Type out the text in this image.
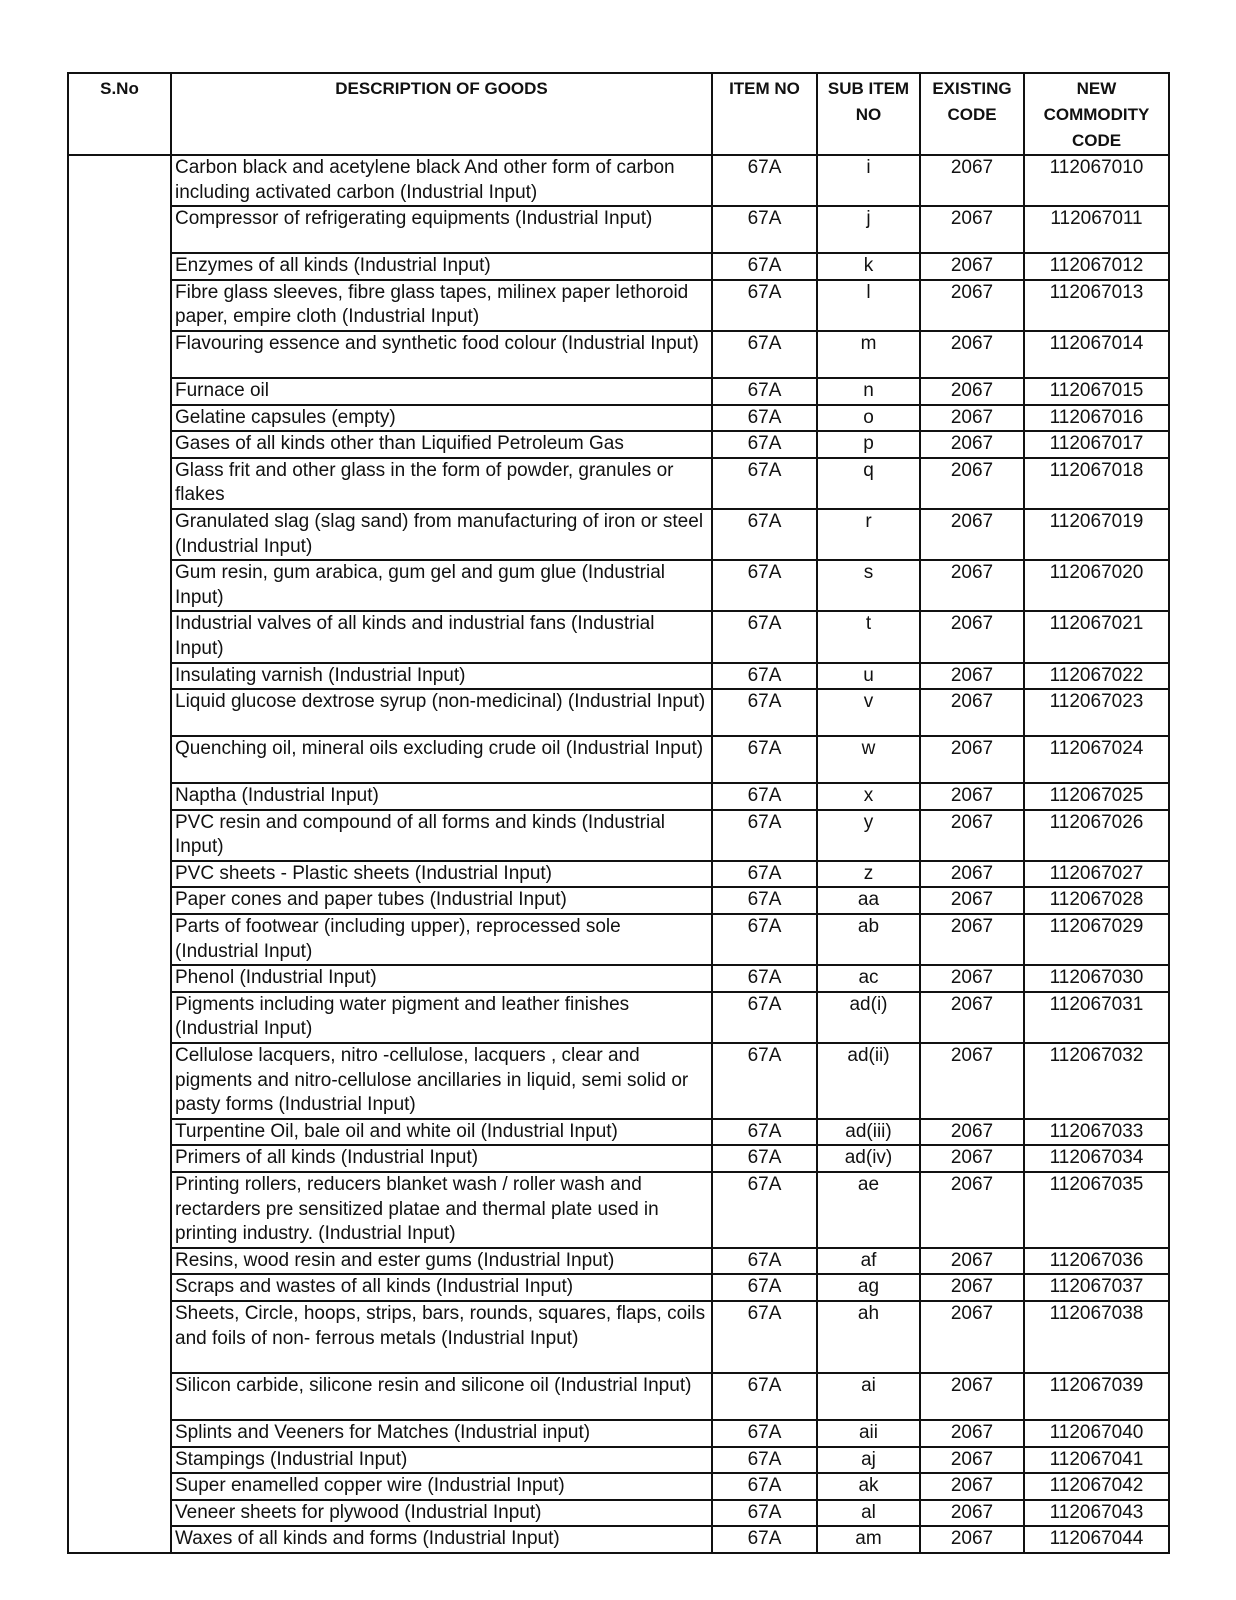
S.No	DESCRIPTION OF GOODS	ITEM NO	SUB ITEM NO	EXISTING CODE	NEW COMMODITY CODE
	Carbon black and acetylene black And other form of carbon including activated carbon (Industrial Input)	67A	i	2067	112067010
	Compressor of refrigerating equipments (Industrial Input)	67A	j	2067	112067011
	Enzymes of all kinds (Industrial Input)	67A	k	2067	112067012
	Fibre glass sleeves, fibre glass tapes, milinex paper lethoroid paper, empire cloth (Industrial Input)	67A	l	2067	112067013
	Flavouring essence and synthetic food colour (Industrial Input)	67A	m	2067	112067014
	Furnace oil	67A	n	2067	112067015
	Gelatine capsules (empty)	67A	o	2067	112067016
	Gases of all kinds other than Liquified Petroleum Gas	67A	p	2067	112067017
	Glass frit and other glass in the form of powder, granules or flakes	67A	q	2067	112067018
	Granulated slag (slag sand) from manufacturing of iron or steel (Industrial Input)	67A	r	2067	112067019
	Gum resin, gum arabica, gum gel and gum glue (Industrial Input)	67A	s	2067	112067020
	Industrial valves of all kinds and industrial fans (Industrial Input)	67A	t	2067	112067021
	Insulating varnish (Industrial Input)	67A	u	2067	112067022
	Liquid glucose dextrose syrup (non-medicinal) (Industrial Input)	67A	v	2067	112067023
	Quenching oil, mineral oils excluding crude oil (Industrial Input)	67A	w	2067	112067024
	Naptha (Industrial Input)	67A	x	2067	112067025
	PVC resin and compound of all forms and kinds (Industrial Input)	67A	y	2067	112067026
	PVC sheets - Plastic sheets (Industrial Input)	67A	z	2067	112067027
	Paper cones and paper tubes (Industrial Input)	67A	aa	2067	112067028
	Parts of footwear (including upper), reprocessed sole (Industrial Input)	67A	ab	2067	112067029
	Phenol (Industrial Input)	67A	ac	2067	112067030
	Pigments including water pigment and leather finishes (Industrial Input)	67A	ad(i)	2067	112067031
	Cellulose lacquers, nitro -cellulose, lacquers , clear and pigments and nitro-cellulose ancillaries in liquid, semi solid or pasty forms (Industrial Input)	67A	ad(ii)	2067	112067032
	Turpentine Oil, bale oil and white oil (Industrial Input)	67A	ad(iii)	2067	112067033
	Primers of all kinds (Industrial Input)	67A	ad(iv)	2067	112067034
	Printing rollers, reducers blanket wash / roller wash and rectarders pre sensitized platae and thermal plate used in printing industry. (Industrial Input)	67A	ae	2067	112067035
	Resins, wood resin and ester gums (Industrial Input)	67A	af	2067	112067036
	Scraps and wastes of all kinds (Industrial Input)	67A	ag	2067	112067037
	Sheets, Circle, hoops, strips, bars, rounds, squares, flaps, coils and foils of non- ferrous metals (Industrial Input)	67A	ah	2067	112067038
	Silicon carbide, silicone resin and silicone oil (Industrial Input)	67A	ai	2067	112067039
	Splints and Veeners for Matches (Industrial input)	67A	aii	2067	112067040
	Stampings (Industrial Input)	67A	aj	2067	112067041
	Super enamelled copper wire (Industrial Input)	67A	ak	2067	112067042
	Veneer sheets for plywood (Industrial Input)	67A	al	2067	112067043
	Waxes of all kinds and forms (Industrial Input)	67A	am	2067	112067044
